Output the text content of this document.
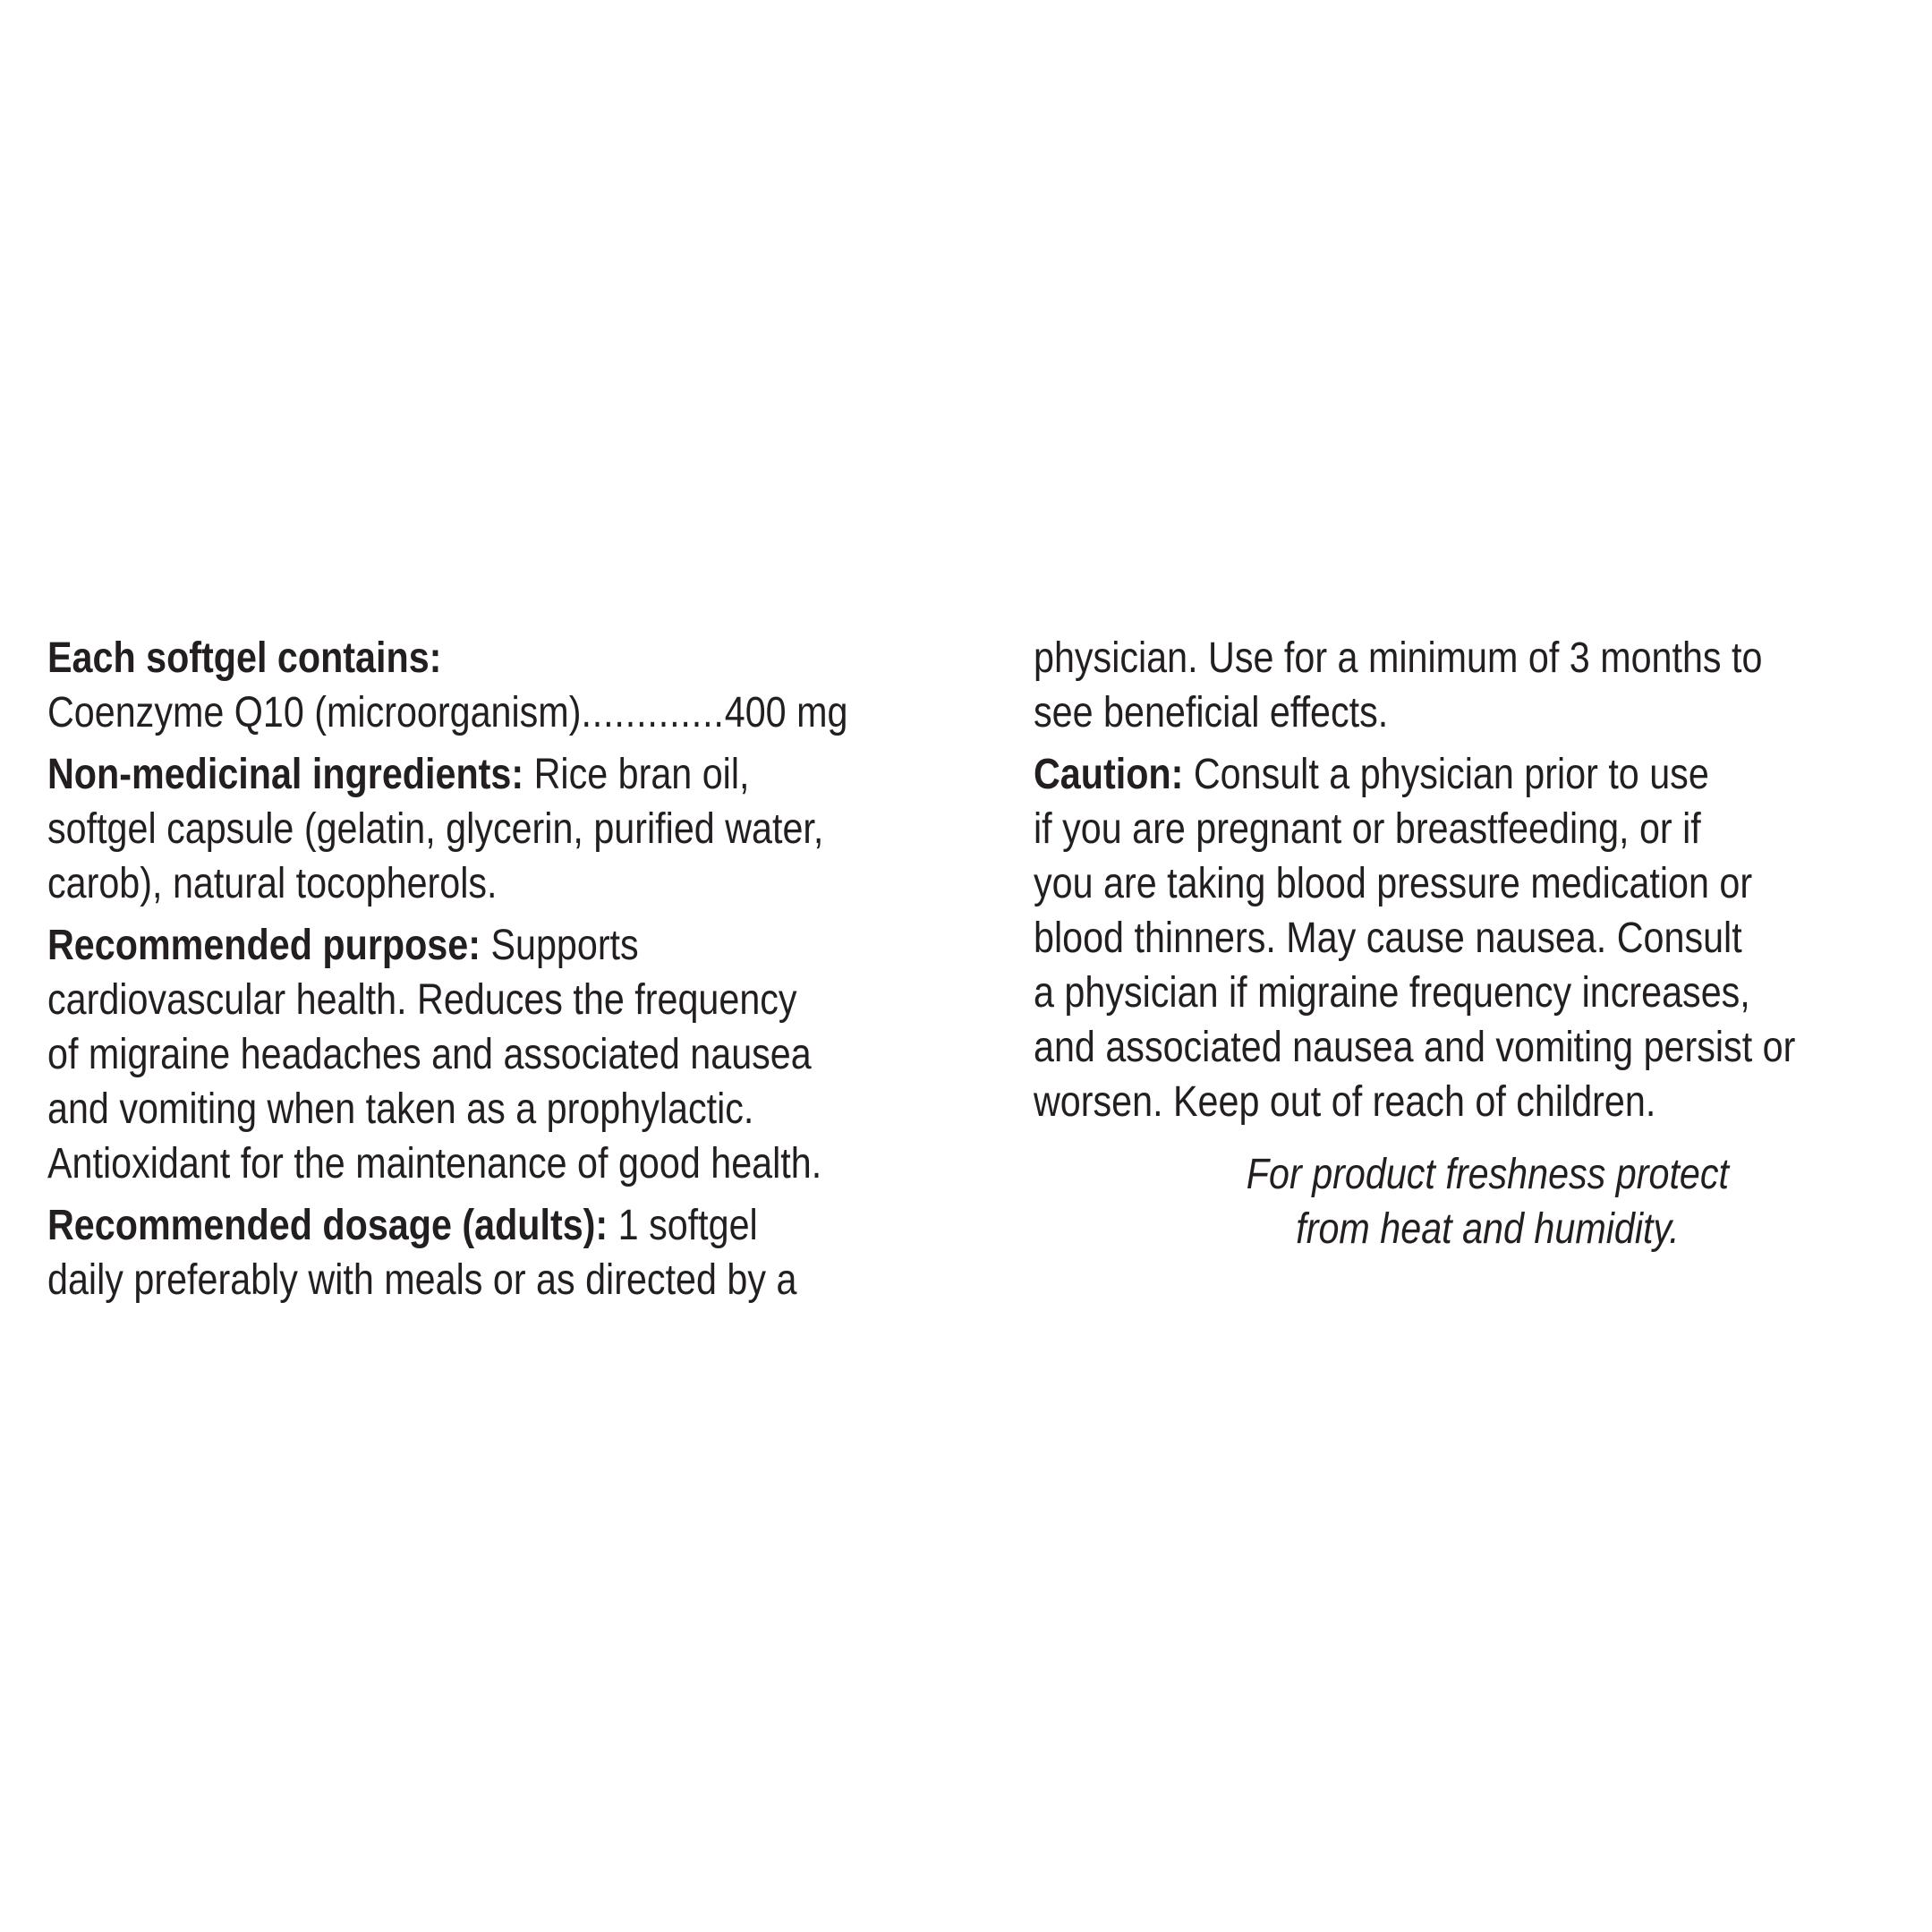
Each softgel contains:
Coenzyme Q10 (microorganism).............400 mg
Non-medicinal ingredients: Rice bran oil,
softgel capsule (gelatin, glycerin, purified water,
carob), natural tocopherols.
Recommended purpose: Supports
cardiovascular health. Reduces the frequency
of migraine headaches and associated nausea
and vomiting when taken as a prophylactic.
Antioxidant for the maintenance of good health.
Recommended dosage (adults): 1 softgel
daily preferably with meals or as directed by a
physician. Use for a minimum of 3 months to
see beneficial effects.
Caution: Consult a physician prior to use
if you are pregnant or breastfeeding, or if
you are taking blood pressure medication or
blood thinners. May cause nausea. Consult
a physician if migraine frequency increases,
and associated nausea and vomiting persist or
worsen. Keep out of reach of children.
For product freshness protect
from heat and humidity.
